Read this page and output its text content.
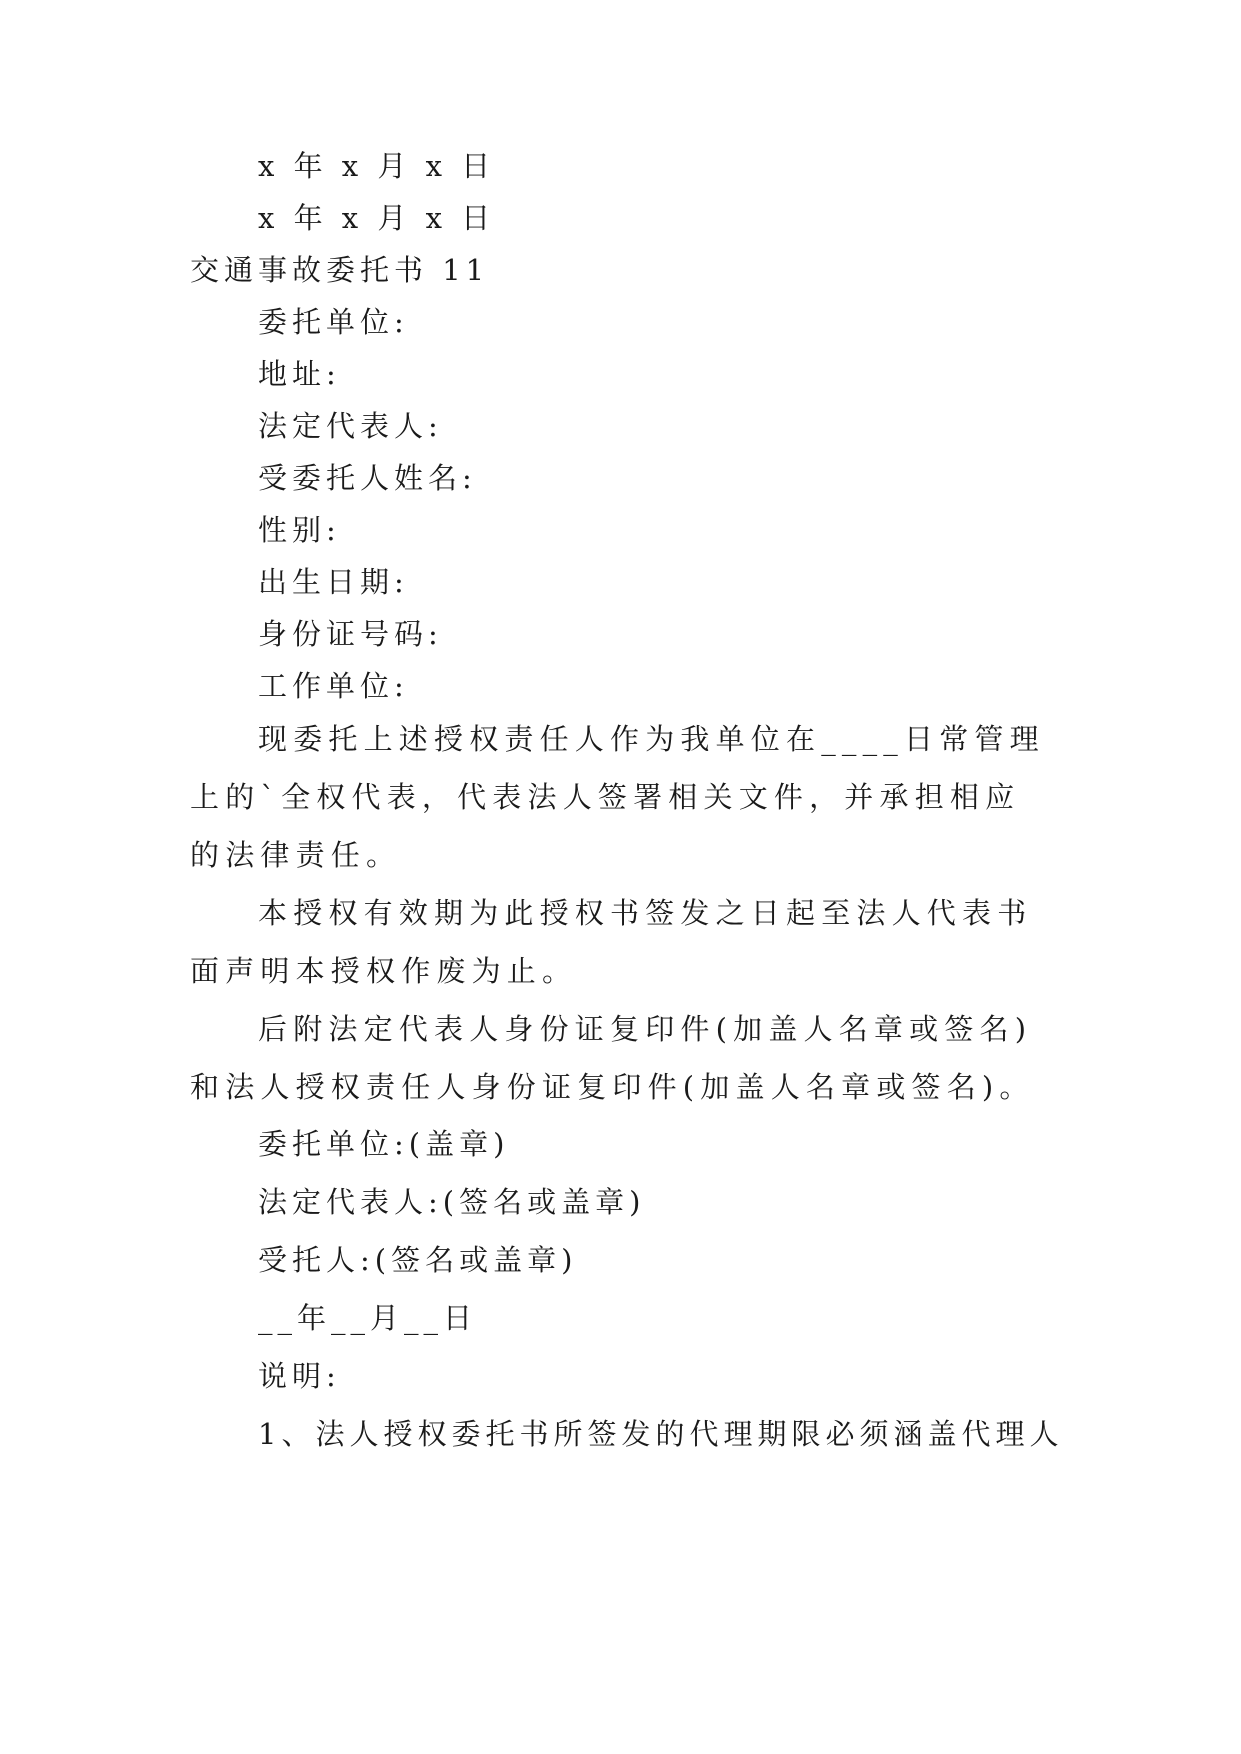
x 年 x 月 x 日
x 年 x 月 x 日
交通事故委托书 11
委托单位:
地址:
法定代表人:
受委托人姓名:
性别:
出生日期:
身份证号码:
工作单位:

现委托上述授权责任人作为我单位在____日常管理上的`全权代表，代表法人签署相关文件，并承担相应的法律责任。

本授权有效期为此授权书签发之日起至法人代表书面声明本授权作废为止。

后附法定代表人身份证复印件(加盖人名章或签名)和法人授权责任人身份证复印件(加盖人名章或签名)。

委托单位:(盖章)
法定代表人:(签名或盖章)
受托人:(签名或盖章)
__年__月__日
说明:
1、法人授权委托书所签发的代理期限必须涵盖代理人
